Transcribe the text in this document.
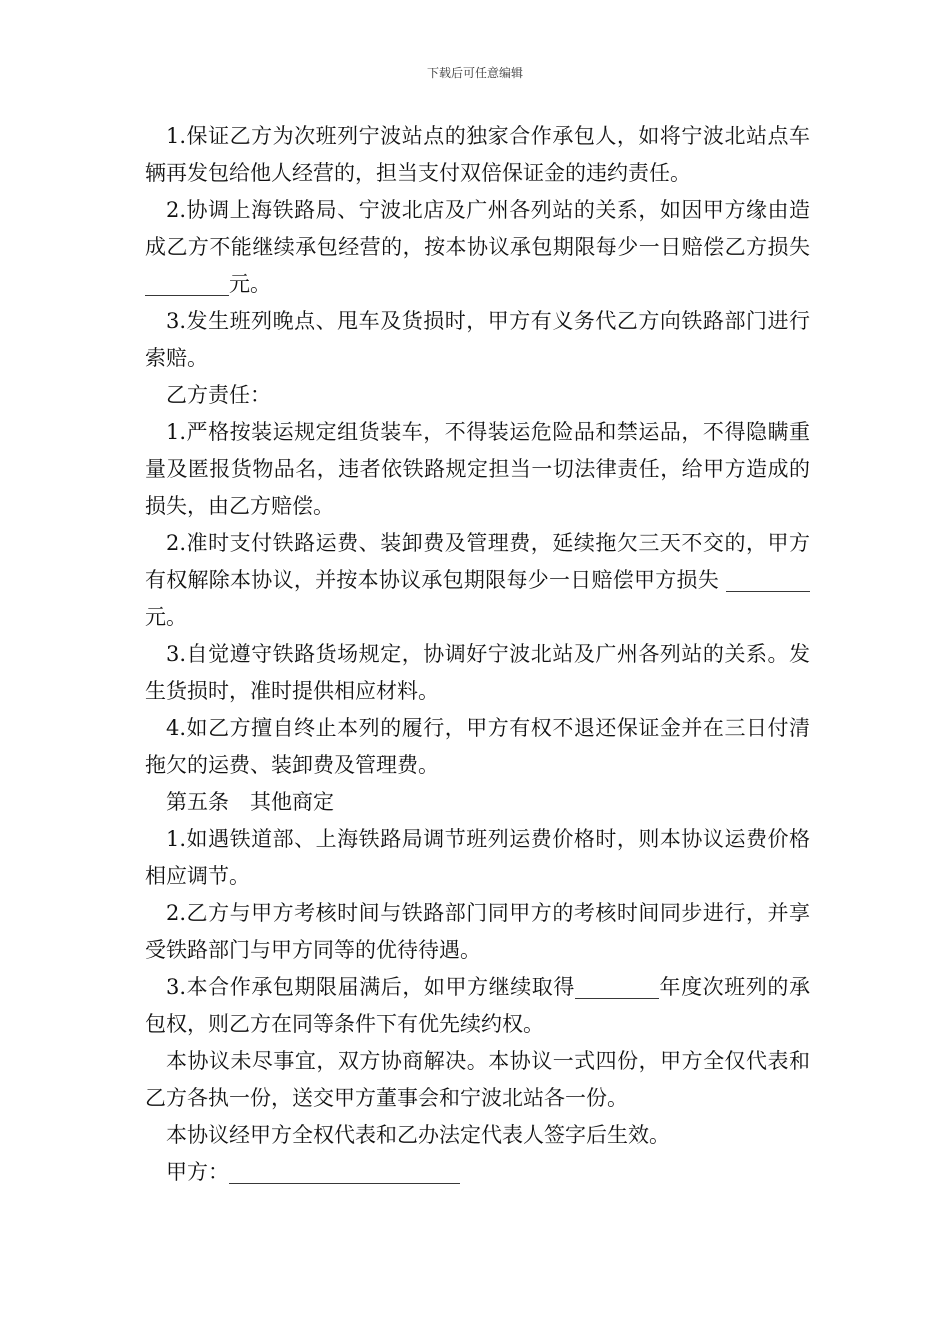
下载后可任意编辑

1.保证乙方为次班列宁波站点的独家合作承包人，如将宁波北站点车辆再发包给他人经营的，担当支付双倍保证金的违约责任。

2.协调上海铁路局、宁波北店及广州各列站的关系，如因甲方缘由造成乙方不能继续承包经营的，按本协议承包期限每少一日赔偿乙方损失________元。

3.发生班列晚点、甩车及货损时，甲方有义务代乙方向铁路部门进行索赔。

乙方责任：

1.严格按装运规定组货装车，不得装运危险品和禁运品，不得隐瞒重量及匿报货物品名，违者依铁路规定担当一切法律责任，给甲方造成的损失，由乙方赔偿。

2.准时支付铁路运费、装卸费及管理费，延续拖欠三天不交的，甲方有权解除本协议，并按本协议承包期限每少一日赔偿甲方损失 ________元。

3.自觉遵守铁路货场规定，协调好宁波北站及广州各列站的关系。发生货损时，准时提供相应材料。

4.如乙方擅自终止本列的履行，甲方有权不退还保证金并在三日付清拖欠的运费、装卸费及管理费。

第五条　其他商定

1.如遇铁道部、上海铁路局调节班列运费价格时，则本协议运费价格相应调节。

2.乙方与甲方考核时间与铁路部门同甲方的考核时间同步进行，并享受铁路部门与甲方同等的优待待遇。

3.本合作承包期限届满后，如甲方继续取得________年度次班列的承包权，则乙方在同等条件下有优先续约权。

本协议未尽事宜，双方协商解决。本协议一式四份，甲方全仅代表和乙方各执一份，送交甲方董事会和宁波北站各一份。

本协议经甲方全权代表和乙办法定代表人签字后生效。

甲方：______________________
